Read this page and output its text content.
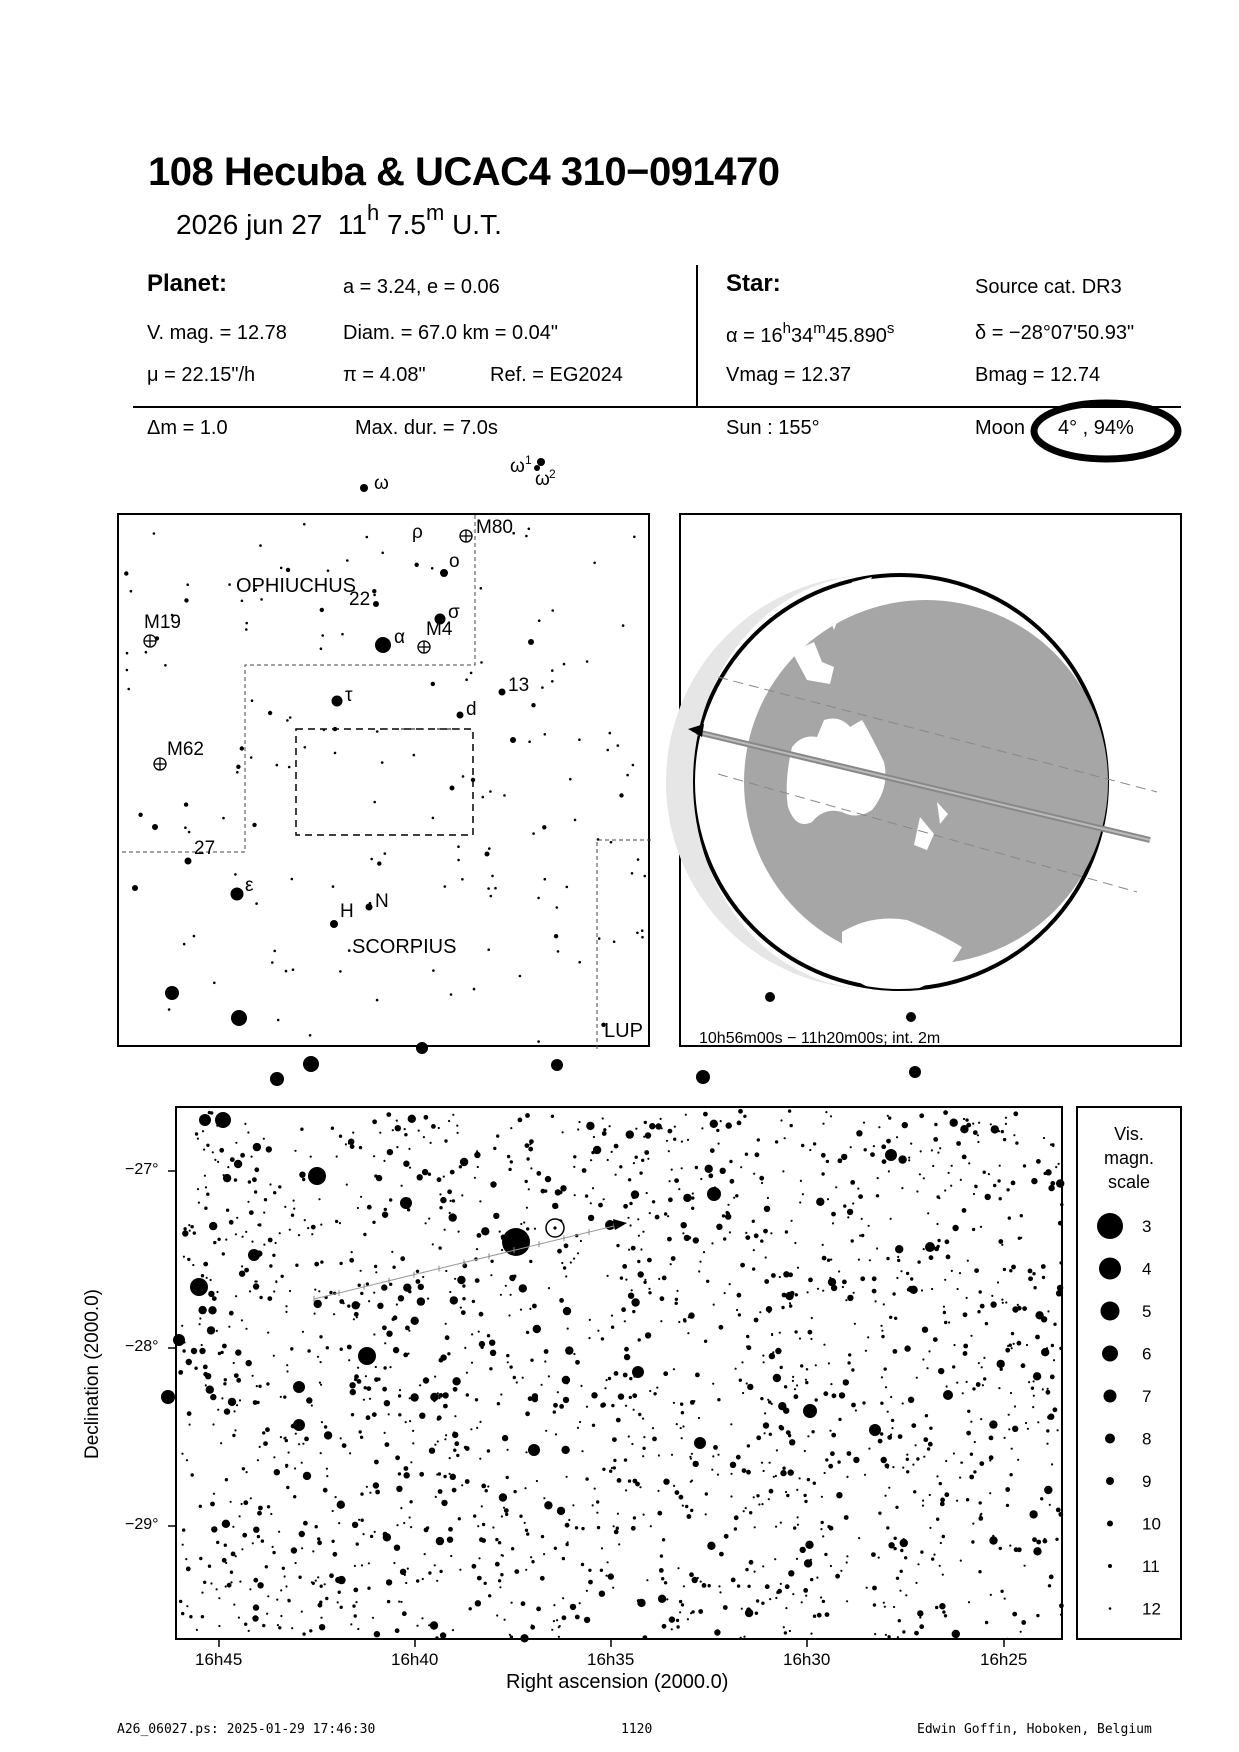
108 Hecuba & UCAC4 310−091470
2026 jun 27 11$^h$ 7.5$^m$ U.T.
Planet:	a = 3.24, e = 0.06
V. mag. = 12.78	Diam. = 67.0 km = 0.04"
μ = 22.15"/h	π = 4.08"	Ref. = EG2024
Star:	Source cat. DR3
$\alpha = 16^h34^m45.890^s$	δ = −28°07'50.93"
Vmag = 12.37	Bmag = 12.74
Δm = 1.0	Max. dur. = 7.0s	Sun : 155°	Moon 4° , 94%
ω
ω 1
ω 2
ρ	M80
ο
22
σ
M19
α M4
13
τ
d
M62
27
ε
N
H
OPHIUCHUS
SCORPIUS
LUP	10h56m00s − 11h20m00s; int. 2m
16h45	16h40	16h35	16h30	16h25
−27°
−28°
−29°
Right ascension (2000.0)
Declination (2000.0)
Vis.
magn.
scale
3
4
5
6
7
8
9
10
11
12
A26_06027.ps: 2025-01-29 17:46:30	1120	Edwin Goffin, Hoboken, Belgium
